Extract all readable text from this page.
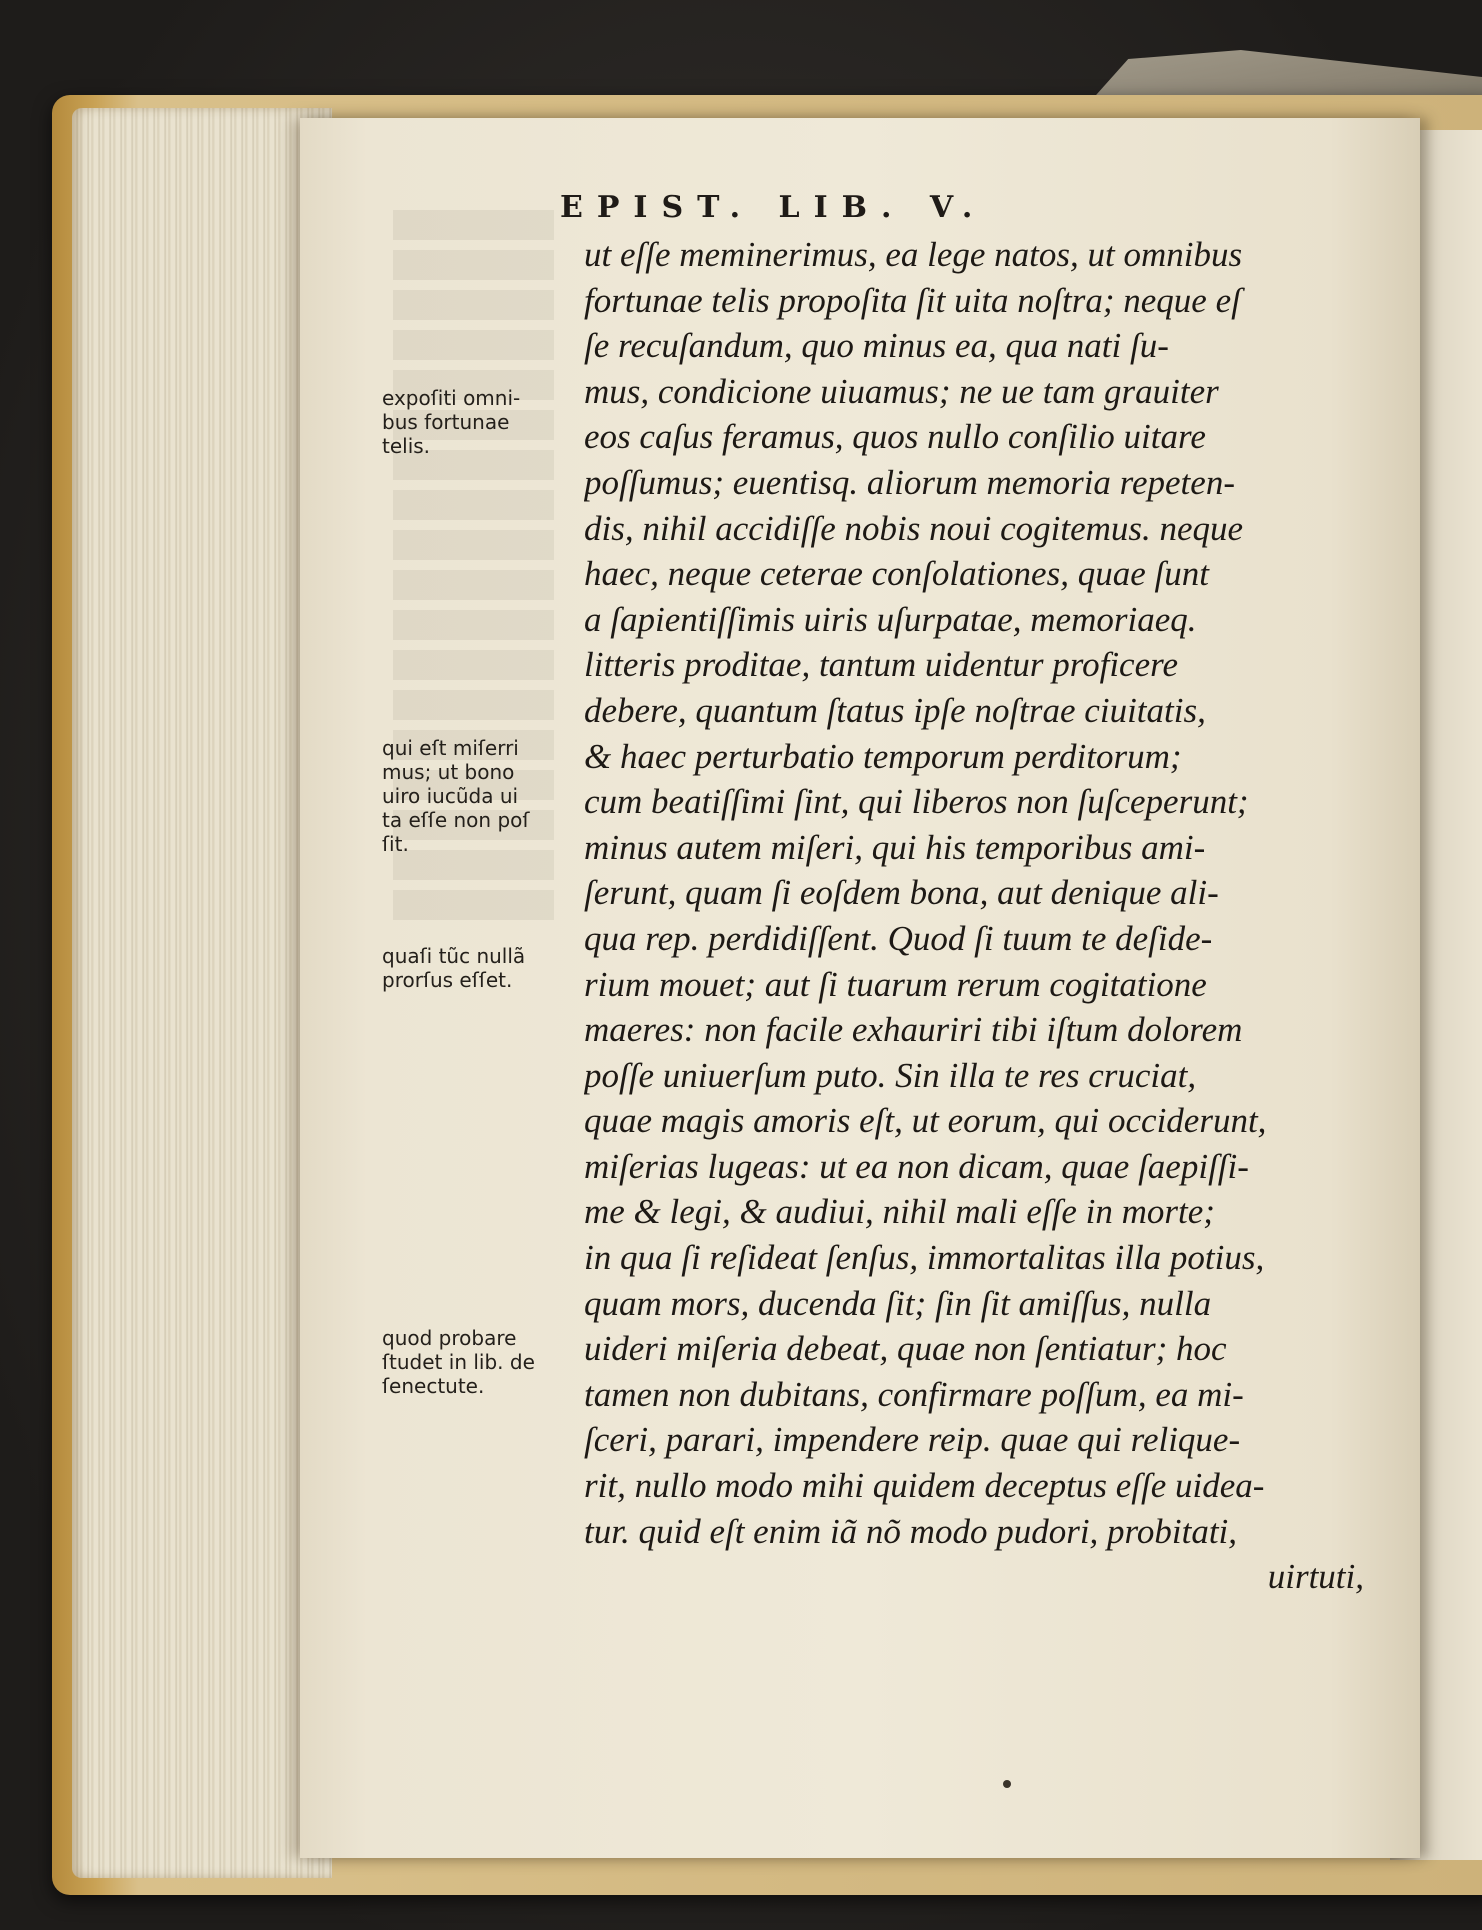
EPIST. LIB. V.
ut eſſe meminerimus, ea lege natos, ut omnibus
fortunae telis propoſita ſit uita noſtra; neque eſ
ſe recuſandum, quo minus ea, qua nati ſu-
mus, condicione uiuamus; ne ue tam grauiter
eos caſus feramus, quos nullo conſilio uitare
poſſumus; euentisq. aliorum memoria repeten-
dis, nihil accidiſſe nobis noui cogitemus. neque
haec, neque ceterae conſolationes, quae ſunt
a ſapientiſſimis uiris uſurpatae, memoriaeq.
litteris proditae, tantum uidentur proficere
debere, quantum ſtatus ipſe noſtrae ciuitatis,
& haec perturbatio temporum perditorum;
cum beatiſſimi ſint, qui liberos non ſuſceperunt;
minus autem miſeri, qui his temporibus ami-
ſerunt, quam ſi eoſdem bona, aut denique ali-
qua rep. perdidiſſent. Quod ſi tuum te deſide-
rium mouet; aut ſi tuarum rerum cogitatione
maeres: non facile exhauriri tibi iſtum dolorem
poſſe uniuerſum puto. Sin illa te res cruciat,
quae magis amoris eſt, ut eorum, qui occiderunt,
miſerias lugeas: ut ea non dicam, quae ſaepiſſi-
me & legi, & audiui, nihil mali eſſe in morte;
in qua ſi reſideat ſenſus, immortalitas illa potius,
quam mors, ducenda ſit; ſin ſit amiſſus, nulla
uideri miſeria debeat, quae non ſentiatur; hoc
tamen non dubitans, confirmare poſſum, ea mi-
ſceri, parari, impendere reip. quae qui relique-
rit, nullo modo mihi quidem deceptus eſſe uidea-
tur. quid eſt enim iã nõ modo pudori, probitati,
uirtuti,
expoſiti omni-
bus fortunae
telis.
qui eſt miſerri
mus; ut bono
uiro iucũda ui
ta eſſe non poſ
ſit.
quaſi tũc nullã
prorſus eſſet.
quod probare
ſtudet in lib. de
ſenectute.
